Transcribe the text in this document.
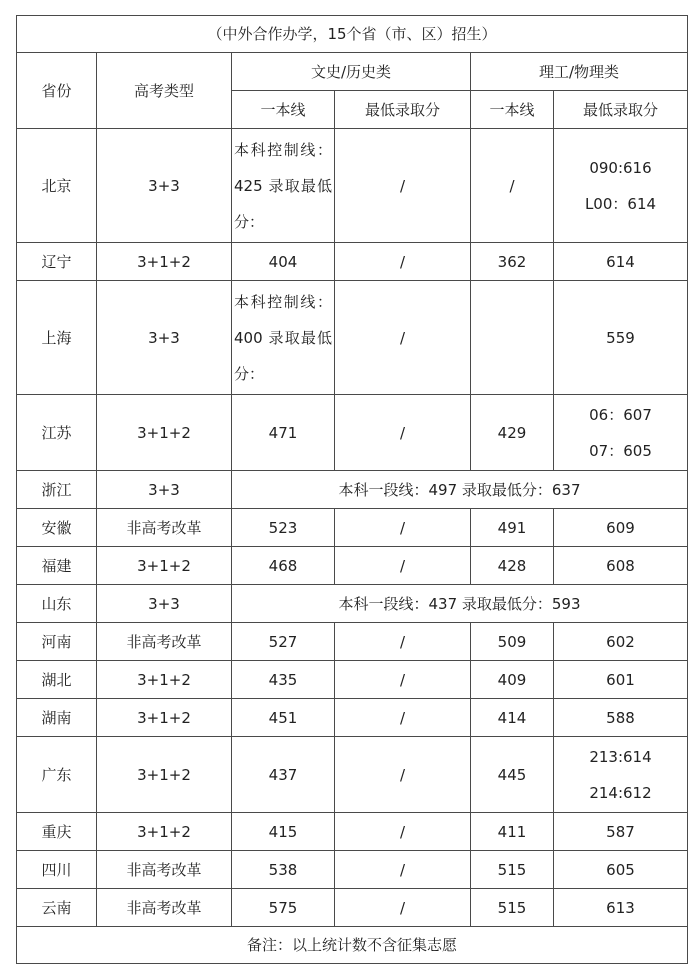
（中外合作办学，15个省（市、区）招生）					
省份	高考类型	文史/历史类		理工/物理类	
		一本线	最低录取分	一本线	最低录取分
北京	3+3	本科控制线：425 录取最低分：	/	/	090:616
L00：614

辽宁	3+1+2	404	/	362	614

上海	3+3	本科控制线：400 录取最低分：	/		559

江苏	3+1+2	471	/	429	06：607
07：605

浙江	3+3	本科一段线：497 录取最低分：637			
安徽	非高考改革	523	/	491	609

福建	3+1+2	468	/	428	608

山东	3+3	本科一段线：437 录取最低分：593			
河南	非高考改革	527	/	509	602

湖北	3+1+2	435	/	409	601

湖南	3+1+2	451	/	414	588

广东	3+1+2	437	/	445	213:614
214:612

重庆	3+1+2	415	/	411	587

四川	非高考改革	538	/	515	605

云南	非高考改革	575	/	515	613

备注：以上统计数不含征集志愿					
